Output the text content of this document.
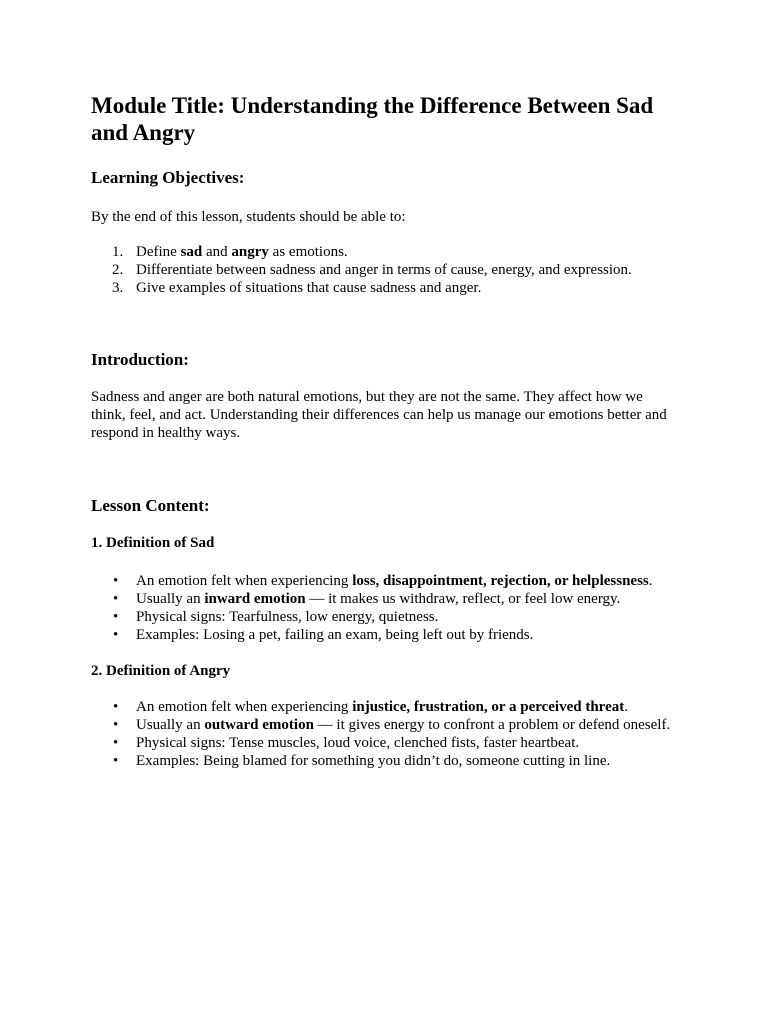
Module Title: Understanding the Difference Between Sad and Angry
Learning Objectives:

By the end of this lesson, students should be able to:

1. Define sad and angry as emotions.
2. Differentiate between sadness and anger in terms of cause, energy, and expression.
3. Give examples of situations that cause sadness and anger.
Introduction:

Sadness and anger are both natural emotions, but they are not the same. They affect how we think, feel, and act. Understanding their differences can help us manage our emotions better and respond in healthy ways.

Lesson Content:
1. Definition of Sad
• An emotion felt when experiencing loss, disappointment, rejection, or helplessness.
• Usually an inward emotion — it makes us withdraw, reflect, or feel low energy.
• Physical signs: Tearfulness, low energy, quietness.
• Examples: Losing a pet, failing an exam, being left out by friends.
2. Definition of Angry
• An emotion felt when experiencing injustice, frustration, or a perceived threat.
• Usually an outward emotion — it gives energy to confront a problem or defend oneself.
• Physical signs: Tense muscles, loud voice, clenched fists, faster heartbeat.
• Examples: Being blamed for something you didn’t do, someone cutting in line.
